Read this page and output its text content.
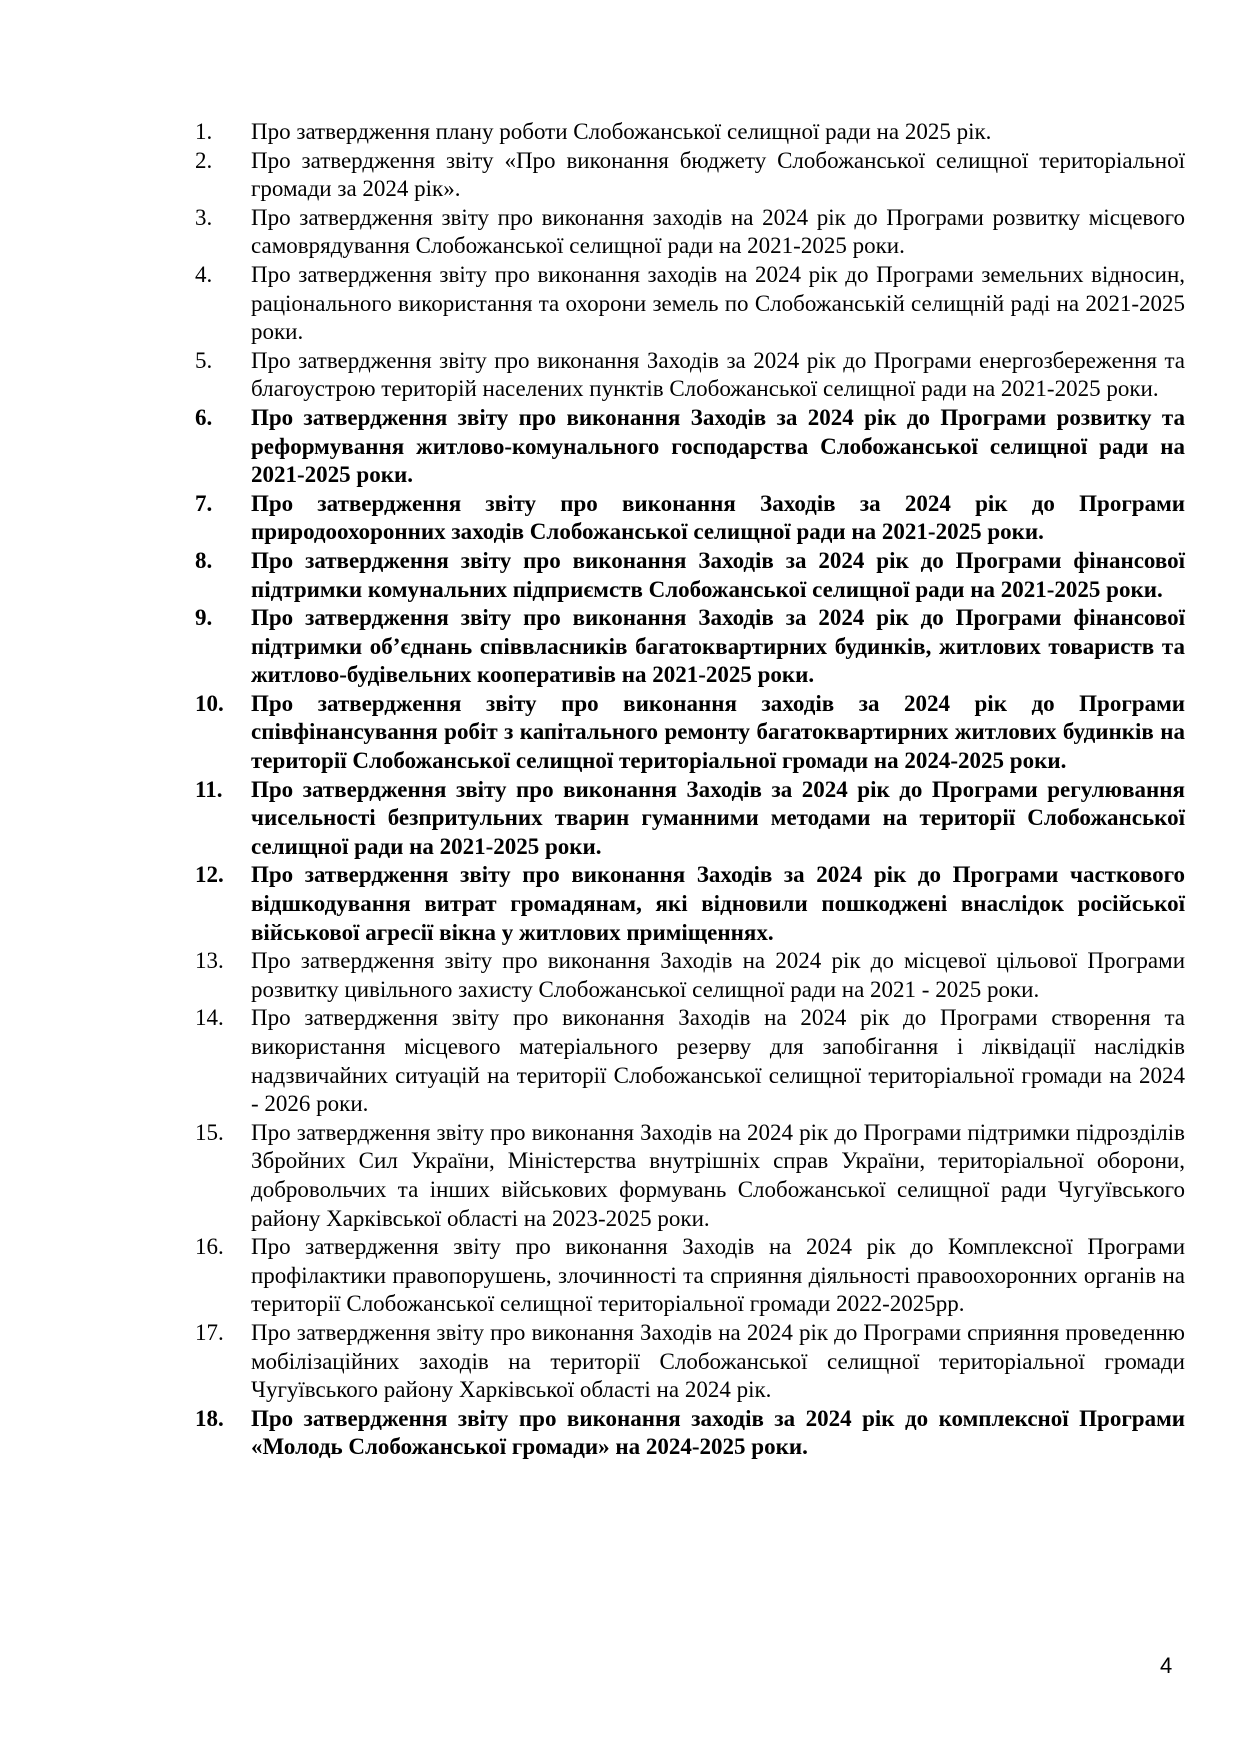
1.	Про затвердження плану роботи Слобожанської селищної ради на 2025 рік.
2.	Про затвердження звіту «Про виконання бюджету Слобожанської селищної територіальної громади за 2024 рік».
3.	Про затвердження звіту про виконання заходів на 2024 рік до Програми розвитку місцевого самоврядування Слобожанської селищної ради на 2021-2025 роки.
4.	Про затвердження звіту про виконання заходів на 2024 рік до Програми земельних відносин, раціонального використання та охорони земель по Слобожанській селищній раді на 2021-2025 роки.
5.	Про затвердження звіту про виконання Заходів за 2024 рік до Програми енергозбереження та благоустрою територій населених пунктів Слобожанської селищної ради на 2021-2025 роки.
6.	Про затвердження звіту про виконання Заходів за 2024 рік до Програми розвитку та реформування житлово-комунального господарства Слобожанської селищної ради на 2021-2025 роки.
7.	Про затвердження звіту про виконання Заходів за 2024 рік до Програми природоохоронних заходів Слобожанської селищної ради на 2021-2025 роки.
8.	Про затвердження звіту про виконання Заходів за 2024 рік до Програми фінансової підтримки комунальних підприємств Слобожанської селищної ради на 2021-2025 роки.
9.	Про затвердження звіту про виконання Заходів за 2024 рік до Програми фінансової підтримки об’єднань співвласників багатоквартирних будинків, житлових товариств та житлово-будівельних кооперативів на 2021-2025 роки.
10.	Про затвердження звіту про виконання заходів за 2024 рік до Програми співфінансування робіт з капітального ремонту багатоквартирних житлових будинків на території Слобожанської селищної територіальної громади на 2024-2025 роки.
11.	Про затвердження звіту про виконання Заходів за 2024 рік до Програми регулювання чисельності безпритульних тварин гуманними методами на території Слобожанської селищної ради на 2021-2025 роки.
12.	Про затвердження звіту про виконання Заходів за 2024 рік до Програми часткового відшкодування витрат громадянам, які відновили пошкоджені внаслідок російської військової агресії вікна у житлових приміщеннях.
13.	Про затвердження звіту про виконання Заходів на 2024 рік до місцевої цільової Програми розвитку цивільного захисту Слобожанської селищної ради на 2021 - 2025 роки.
14.	Про затвердження звіту про виконання Заходів на 2024 рік до Програми створення та використання місцевого матеріального резерву для запобігання і ліквідації наслідків надзвичайних ситуацій на території Слобожанської селищної територіальної громади на 2024 - 2026 роки.
15.	Про затвердження звіту про виконання Заходів на 2024 рік до Програми підтримки підрозділів Збройних Сил України, Міністерства внутрішніх справ України, територіальної оборони, добровольчих та інших військових формувань Слобожанської селищної ради Чугуївського району Харківської області на 2023-2025 роки.
16.	Про затвердження звіту про виконання Заходів на 2024 рік до Комплексної Програми профілактики правопорушень, злочинності та сприяння діяльності правоохоронних органів на території Слобожанської селищної територіальної громади 2022-2025рр.
17.	Про затвердження звіту про виконання Заходів на 2024 рік до Програми сприяння проведенню мобілізаційних заходів на території Слобожанської селищної територіальної громади Чугуївського району Харківської області на 2024 рік.
18.	Про затвердження звіту про виконання заходів за 2024 рік до комплексної Програми «Молодь Слобожанської громади» на 2024-2025 роки.
4
